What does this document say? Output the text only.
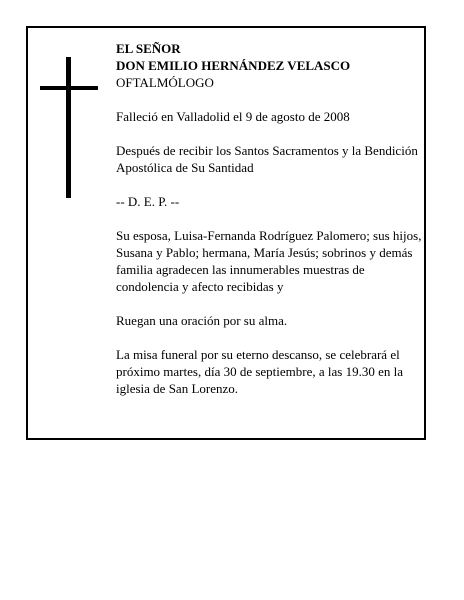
EL SEÑOR

DON EMILIO HERNÁNDEZ VELASCO

OFTALMÓLOGO

Falleció en Valladolid el 9 de agosto de 2008

Después de recibir los Santos Sacramentos y la Bendición Apostólica de Su Santidad

-- D. E. P. --

Su esposa, Luisa-Fernanda Rodríguez Palomero; sus hijos, Susana y Pablo; hermana, María Jesús; sobrinos y demás familia agradecen las innumerables muestras de condolencia y afecto recibidas y

Ruegan una oración por su alma.

La misa funeral por su eterno descanso, se celebrará el próximo martes, día 30 de septiembre, a las 19.30 en la iglesia de San Lorenzo.
